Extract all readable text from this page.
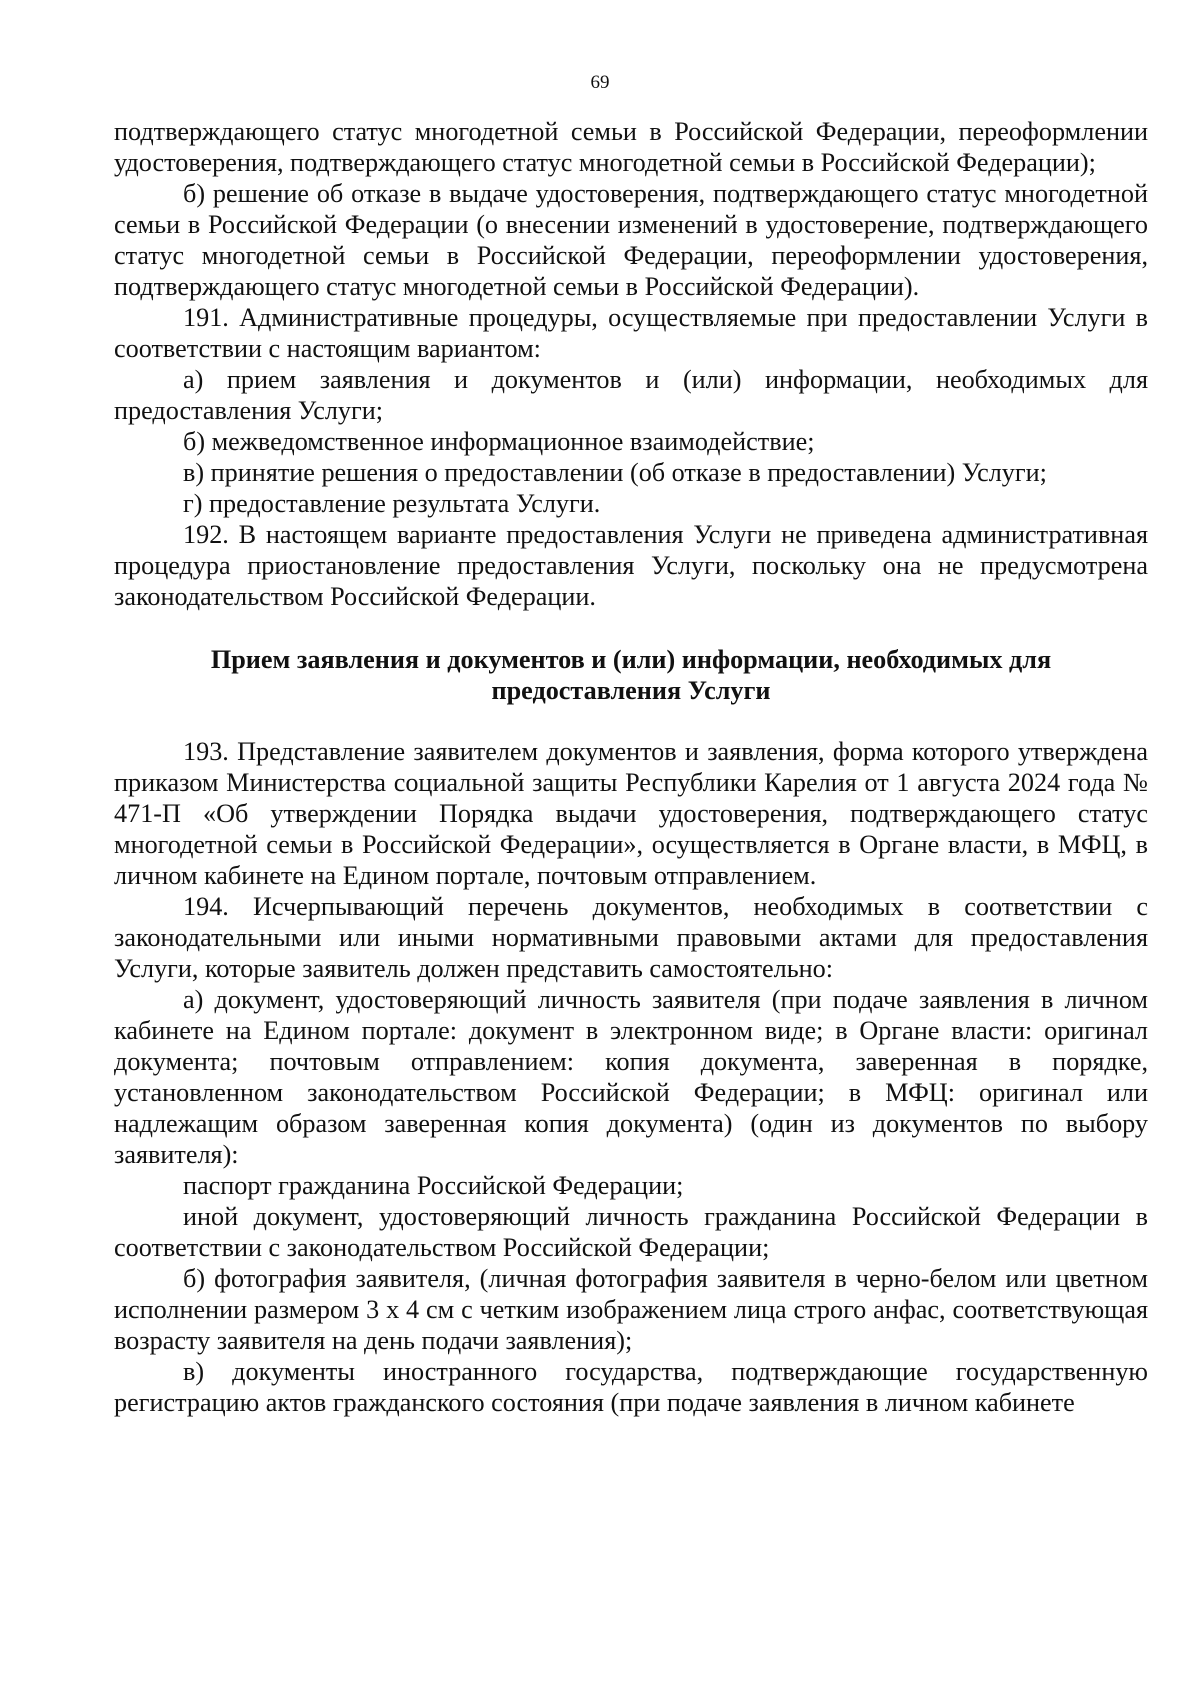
69

подтверждающего статус многодетной семьи в Российской Федерации, переоформлении удостоверения, подтверждающего статус многодетной семьи в Российской Федерации);

б) решение об отказе в выдаче удостоверения, подтверждающего статус многодетной семьи в Российской Федерации (о внесении изменений в удостоверение, подтверждающего статус многодетной семьи в Российской Федерации, переоформлении удостоверения, подтверждающего статус многодетной семьи в Российской Федерации).

191. Административные процедуры, осуществляемые при предоставлении Услуги в соответствии с настоящим вариантом:

а) прием заявления и документов и (или) информации, необходимых для предоставления Услуги;

б) межведомственное информационное взаимодействие;

в) принятие решения о предоставлении (об отказе в предоставлении) Услуги;

г) предоставление результата Услуги.

192. В настоящем варианте предоставления Услуги не приведена административная процедура приостановление предоставления Услуги, поскольку она не предусмотрена законодательством Российской Федерации.

Прием заявления и документов и (или) информации, необходимых для
предоставления Услуги

193. Представление заявителем документов и заявления, форма которого утверждена приказом Министерства социальной защиты Республики Карелия от 1 августа 2024 года № 471-П «Об утверждении Порядка выдачи удостоверения, подтверждающего статус многодетной семьи в Российской Федерации», осуществляется в Органе власти, в МФЦ, в личном кабинете на Едином портале, почтовым отправлением.

194. Исчерпывающий перечень документов, необходимых в соответствии с законодательными или иными нормативными правовыми актами для предоставления Услуги, которые заявитель должен представить самостоятельно:

а) документ, удостоверяющий личность заявителя (при подаче заявления в личном кабинете на Едином портале: документ в электронном виде; в Органе власти: оригинал документа; почтовым отправлением: копия документа, заверенная в порядке, установленном законодательством Российской Федерации; в МФЦ: оригинал или надлежащим образом заверенная копия документа) (один из документов по выбору заявителя):

паспорт гражданина Российской Федерации;

иной документ, удостоверяющий личность гражданина Российской Федерации в соответствии с законодательством Российской Федерации;

б) фотография заявителя, (личная фотография заявителя в черно-белом или цветном исполнении размером 3 х 4 см с четким изображением лица строго анфас, соответствующая возрасту заявителя на день подачи заявления);

в) документы иностранного государства, подтверждающие государственную регистрацию актов гражданского состояния (при подаче заявления в личном кабинете
